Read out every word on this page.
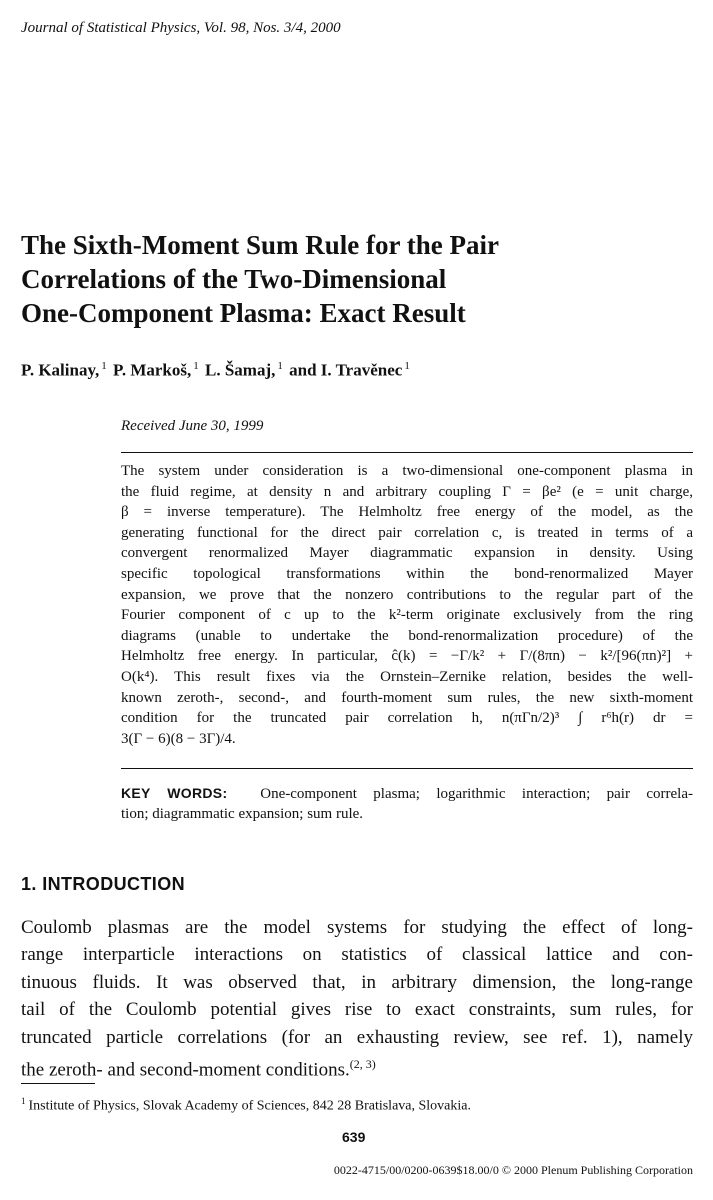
Journal of Statistical Physics, Vol. 98, Nos. 3/4, 2000
The Sixth-Moment Sum Rule for the Pair
Correlations of the Two-Dimensional
One-Component Plasma: Exact Result
P. Kalinay, $^1$ P. Markoš, $^1$ L. Šamaj, $^1$ and I. Travěnec $^1$
Received June 30, 1999
The system under consideration is a two-dimensional one-component plasma in
the fluid regime, at density n and arbitrary coupling Γ = βe² (e = unit charge,
β = inverse temperature). The Helmholtz free energy of the model, as the
generating functional for the direct pair correlation c, is treated in terms of a
convergent renormalized Mayer diagrammatic expansion in density. Using
specific topological transformations within the bond-renormalized Mayer
expansion, we prove that the nonzero contributions to the regular part of the
Fourier component of c up to the k²-term originate exclusively from the ring
diagrams (unable to undertake the bond-renormalization procedure) of the
Helmholtz free energy. In particular, ĉ(k) = −Γ/k² + Γ/(8πn) − k²/[96(πn)²] +
O(k⁴). This result fixes via the Ornstein–Zernike relation, besides the well-
known zeroth-, second-, and fourth-moment sum rules, the new sixth-moment
condition for the truncated pair correlation h, n(πΓn/2)³ ∫ r⁶h(r) dr =
3(Γ − 6)(8 − 3Γ)/4.
KEY WORDS: One-component plasma; logarithmic interaction; pair correla-
tion; diagrammatic expansion; sum rule.
1. INTRODUCTION
Coulomb plasmas are the model systems for studying the effect of long-
range interparticle interactions on statistics of classical lattice and con-
tinuous fluids. It was observed that, in arbitrary dimension, the long-range
tail of the Coulomb potential gives rise to exact constraints, sum rules, for
truncated particle correlations (for an exhausting review, see ref. 1), namely
the zeroth- and second-moment conditions.$^{(2, 3)}$
$^1$ Institute of Physics, Slovak Academy of Sciences, 842 28 Bratislava, Slovakia.
639
0022-4715/00/0200-0639$18.00/0 © 2000 Plenum Publishing Corporation
